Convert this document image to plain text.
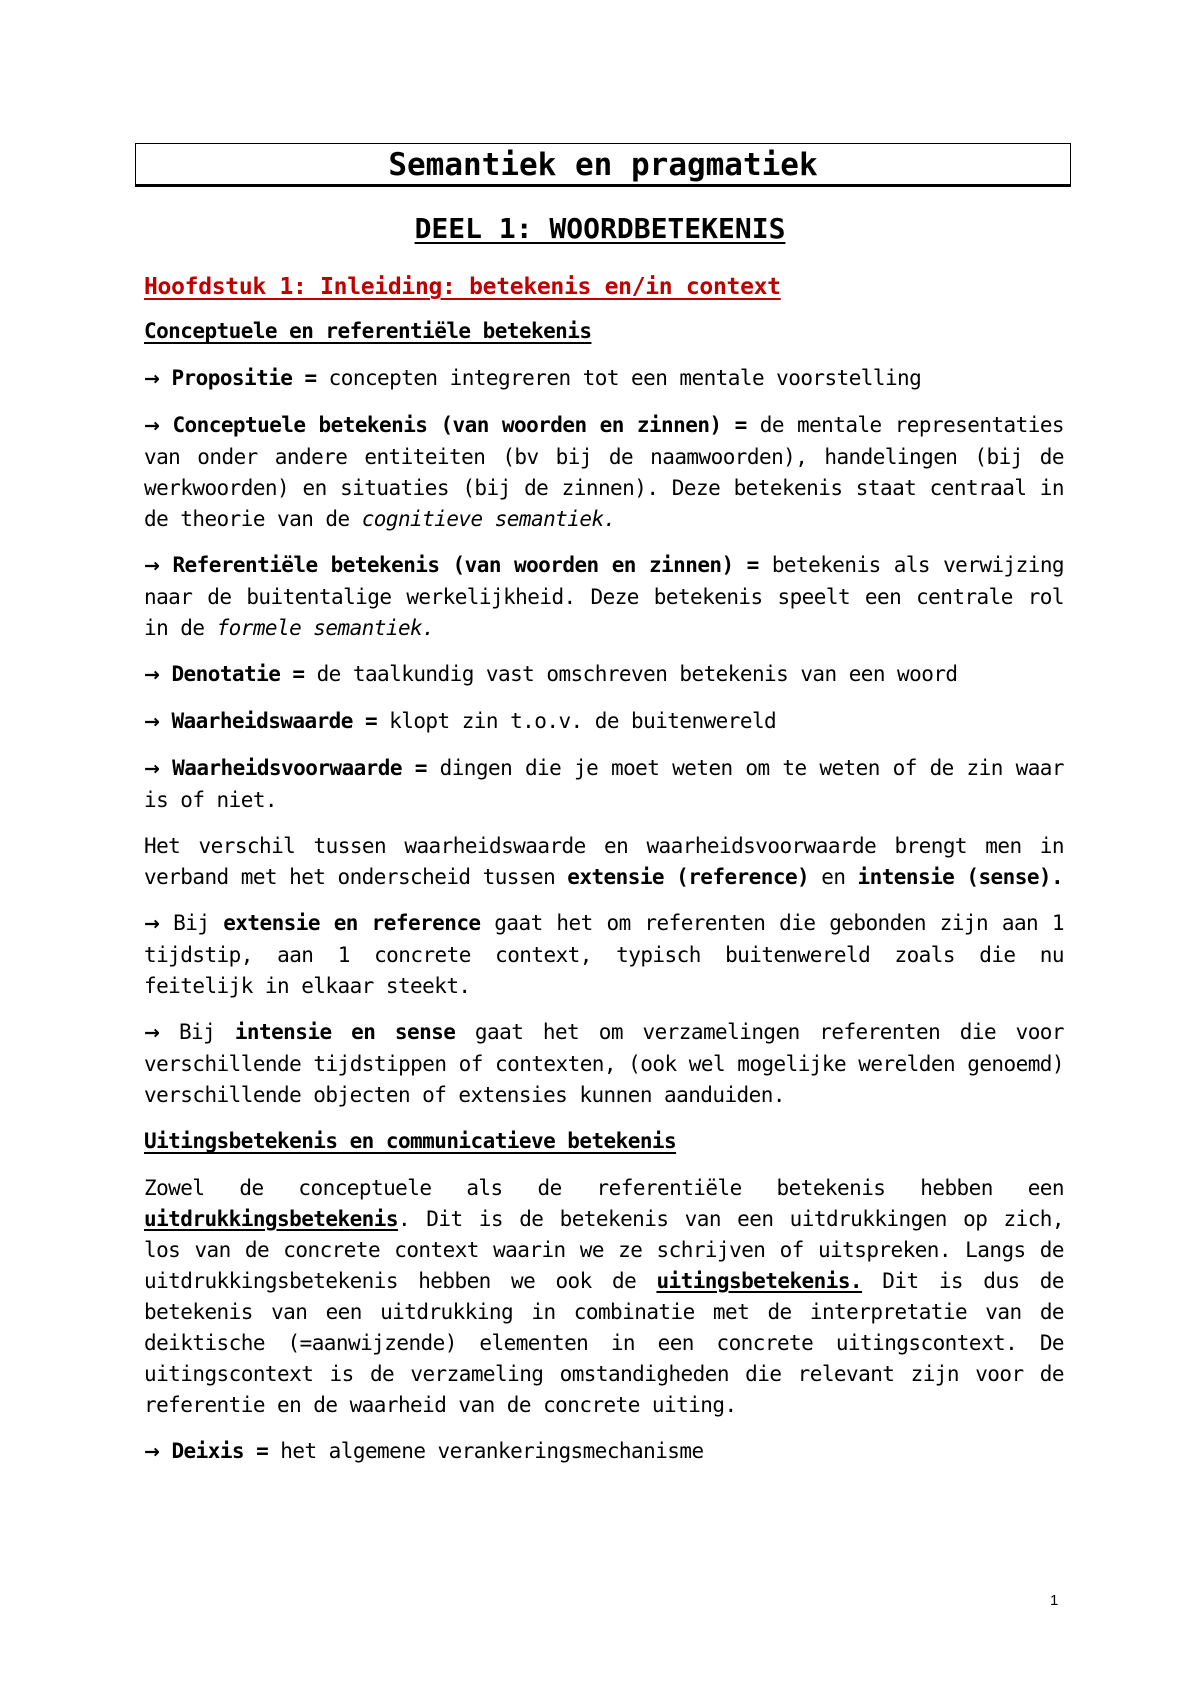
Semantiek en pragmatiek
DEEL 1: WOORDBETEKENIS
Hoofdstuk 1: Inleiding: betekenis en/in context
Conceptuele en referentiële betekenis

→ Propositie = concepten integreren tot een mentale voorstelling

→ Conceptuele betekenis (van woorden en zinnen) = de mentale representaties van onder andere entiteiten (bv bij de naamwoorden), handelingen (bij de werkwoorden) en situaties (bij de zinnen). Deze betekenis staat centraal in de theorie van de cognitieve semantiek.

→ Referentiële betekenis (van woorden en zinnen) = betekenis als verwijzing naar de buitentalige werkelijkheid. Deze betekenis speelt een centrale rol in de formele semantiek.

→ Denotatie = de taalkundig vast omschreven betekenis van een woord

→ Waarheidswaarde = klopt zin t.o.v. de buitenwereld

→ Waarheidsvoorwaarde = dingen die je moet weten om te weten of de zin waar is of niet.

Het verschil tussen waarheidswaarde en waarheidsvoorwaarde brengt men in verband met het onderscheid tussen extensie (reference) en intensie (sense).

→ Bij extensie en reference gaat het om referenten die gebonden zijn aan 1 tijdstip, aan 1 concrete context, typisch buitenwereld zoals die nu feitelijk in elkaar steekt.

→ Bij intensie en sense gaat het om verzamelingen referenten die voor verschillende tijdstippen of contexten, (ook wel mogelijke werelden genoemd) verschillende objecten of extensies kunnen aanduiden.

Uitingsbetekenis en communicatieve betekenis

Zowel de conceptuele als de referentiële betekenis hebben een uitdrukkingsbetekenis. Dit is de betekenis van een uitdrukkingen op zich, los van de concrete context waarin we ze schrijven of uitspreken. Langs de uitdrukkingsbetekenis hebben we ook de uitingsbetekenis. Dit is dus de betekenis van een uitdrukking in combinatie met de interpretatie van de deiktische (=aanwijzende) elementen in een concrete uitingscontext. De uitingscontext is de verzameling omstandigheden die relevant zijn voor de referentie en de waarheid van de concrete uiting.

→ Deixis = het algemene verankeringsmechanisme

1
